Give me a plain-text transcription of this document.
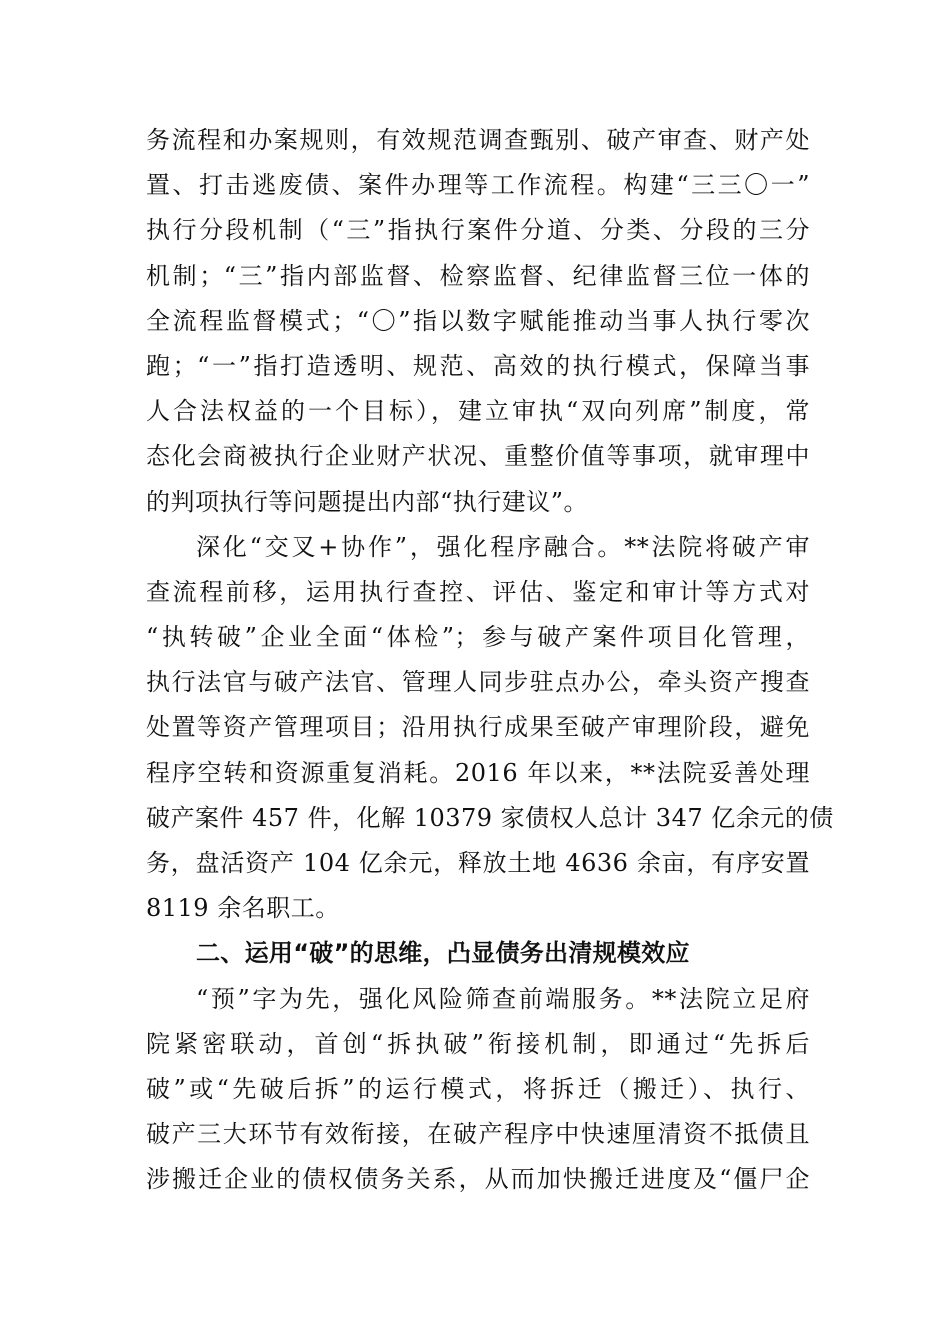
务流程和办案规则，有效规范调查甄别、破产审查、财产处
置、打击逃废债、案件办理等工作流程。构建“三三〇一”
执行分段机制（“三”指执行案件分道、分类、分段的三分
机制；“三”指内部监督、检察监督、纪律监督三位一体的
全流程监督模式；“〇”指以数字赋能推动当事人执行零次
跑；“一”指打造透明、规范、高效的执行模式，保障当事
人合法权益的一个目标），建立审执“双向列席”制度，常
态化会商被执行企业财产状况、重整价值等事项，就审理中
的判项执行等问题提出内部“执行建议”。
深化“交叉+协作”，强化程序融合。**法院将破产审
查流程前移，运用执行查控、评估、鉴定和审计等方式对
“执转破”企业全面“体检”；参与破产案件项目化管理，
执行法官与破产法官、管理人同步驻点办公，牵头资产搜查
处置等资产管理项目；沿用执行成果至破产审理阶段，避免
程序空转和资源重复消耗。2016 年以来，**法院妥善处理
破产案件 457 件，化解 10379 家债权人总计 347 亿余元的债
务，盘活资产 104 亿余元，释放土地 4636 余亩，有序安置
8119 余名职工。
二、运用“破”的思维，凸显债务出清规模效应
“预”字为先，强化风险筛查前端服务。**法院立足府
院紧密联动，首创“拆执破”衔接机制，即通过“先拆后
破”或“先破后拆”的运行模式，将拆迁（搬迁）、执行、
破产三大环节有效衔接，在破产程序中快速厘清资不抵债且
涉搬迁企业的债权债务关系，从而加快搬迁进度及“僵尸企
